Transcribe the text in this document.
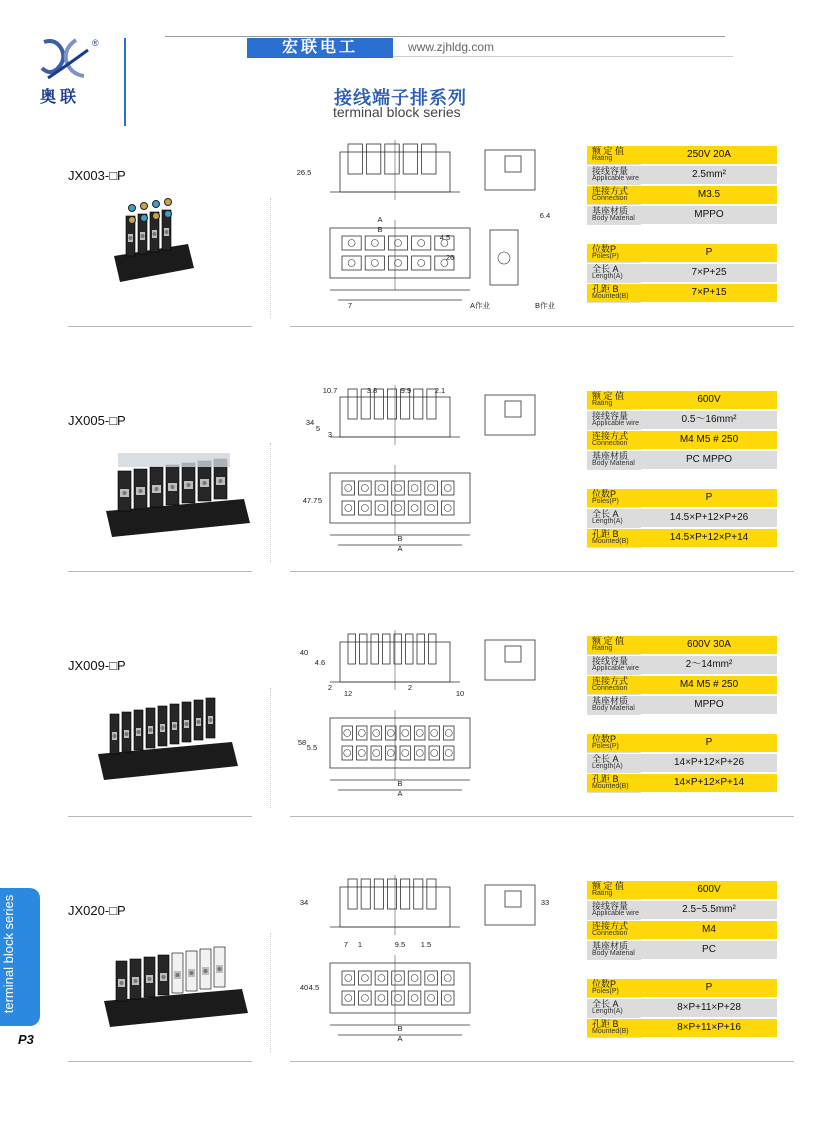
®
奥联
宏联电工	www.zjhldg.com
接线端子排系列
terminal block series
JX003-□P	26.5
A
B
4.5
26
7
6.4
A作业	B作业
额 定 值
Rating	250V 20A
接线容量
Applicable wire	2.5mm²
连接方式
Connection	M3.5
基座材质
Body Material	MPPO
位数P
Poles(P)	P
全长 A
Length(A)	7×P+25
孔距 B
Mounted(B)	7×P+15
JX005-□P
10.7	3.8	9.9	2.1
34
5
3
47.7 5
B
A
额 定 值
Rating	600V
接线容量
Applicable wire	0.5～16mm²
连接方式
Connection	M4 M5 # 250
基座材质
Body Material	PC MPPO
位数P
Poles(P)	P
全长 A
Length(A)	14.5×P+12×P+26
孔距 B
Mounted(B)	14.5×P+12×P+14
JX009-□P
40
4.6
2
12
2
10
58
5.5
B
A
额 定 值
Rating	600V 30A
接线容量
Applicable wire	2～14mm²
连接方式
Connection	M4 M5 # 250
基座材质
Body Material	MPPO
位数P
Poles(P)	P
全长 A
Length(A)	14×P+12×P+26
孔距 B
Mounted(B)	14×P+12×P+14
JX020-□P
34	33
7 1	9.5 1.5
40 4.5
B
A
额 定 值
Rating	600V
接线容量
Applicable wire	2.5~5.5mm²
连接方式
Connection	M4
基座材质
Body Material	PC
位数P
Poles(P)	P
全长 A
Length(A)	8×P+11×P+28
孔距 B
Mounted(B)	8×P+11×P+16
terminal block series
P3
